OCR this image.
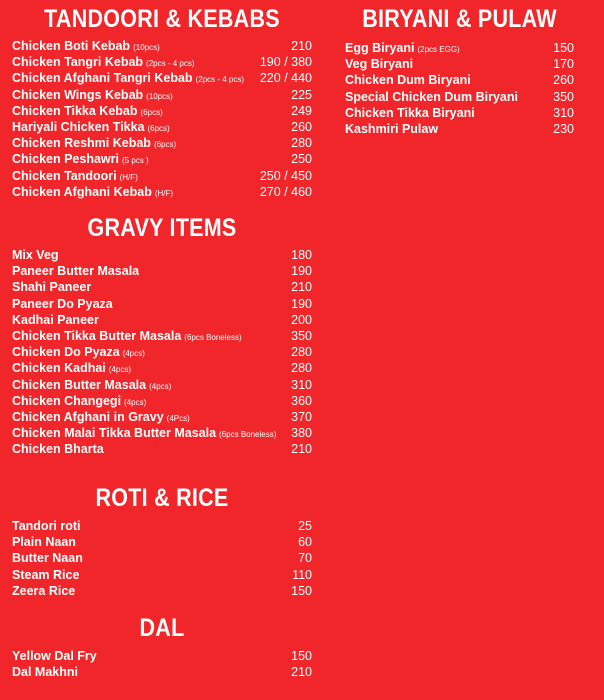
TANDOORI & KEBABS
Chicken Boti Kebab (10pcs)	210
Chicken Tangri Kebab (2pcs - 4 pcs)	190 / 380
Chicken Afghani Tangri Kebab (2pcs - 4 pcs) 220 / 440
Chicken Wings Kebab (10pcs)	225
Chicken Tikka Kebab (6pcs)	249
Hariyali Chicken Tikka (6pcs)	260
Chicken Reshmi Kebab (6pcs)	280
Chicken Peshawri (5 pcs )	250
Chicken Tandoori (H/F)	250 / 450
Chicken Afghani Kebab (H/F)	270 / 460
GRAVY ITEMS
Mix Veg	180
Paneer Butter Masala	190
Shahi Paneer	210
Paneer Do Pyaza	190
Kadhai Paneer	200
Chicken Tikka Butter Masala (6pcs Boneless)	350
Chicken Do Pyaza (4pcs)	280
Chicken Kadhai (4pcs)	280
Chicken Butter Masala (4pcs)	310
Chicken Changegi (4pcs)	360
Chicken Afghani in Gravy (4Pcs)	370
Chicken Malai Tikka Butter Masala (6pcs Boneless) 380
Chicken Bharta	210
ROTI & RICE
Tandori roti	25
Plain Naan	60
Butter Naan	70
Steam Rice	110
Zeera Rice	150
DAL
Yellow Dal Fry	150
Dal Makhni	210
BIRYANI & PULAW
Egg Biryani (2pcs EGG)	150
Veg Biryani	170
Chicken Dum Biryani	260
Special Chicken Dum Biryani	350
Chicken Tikka Biryani	310
Kashmiri Pulaw	230
